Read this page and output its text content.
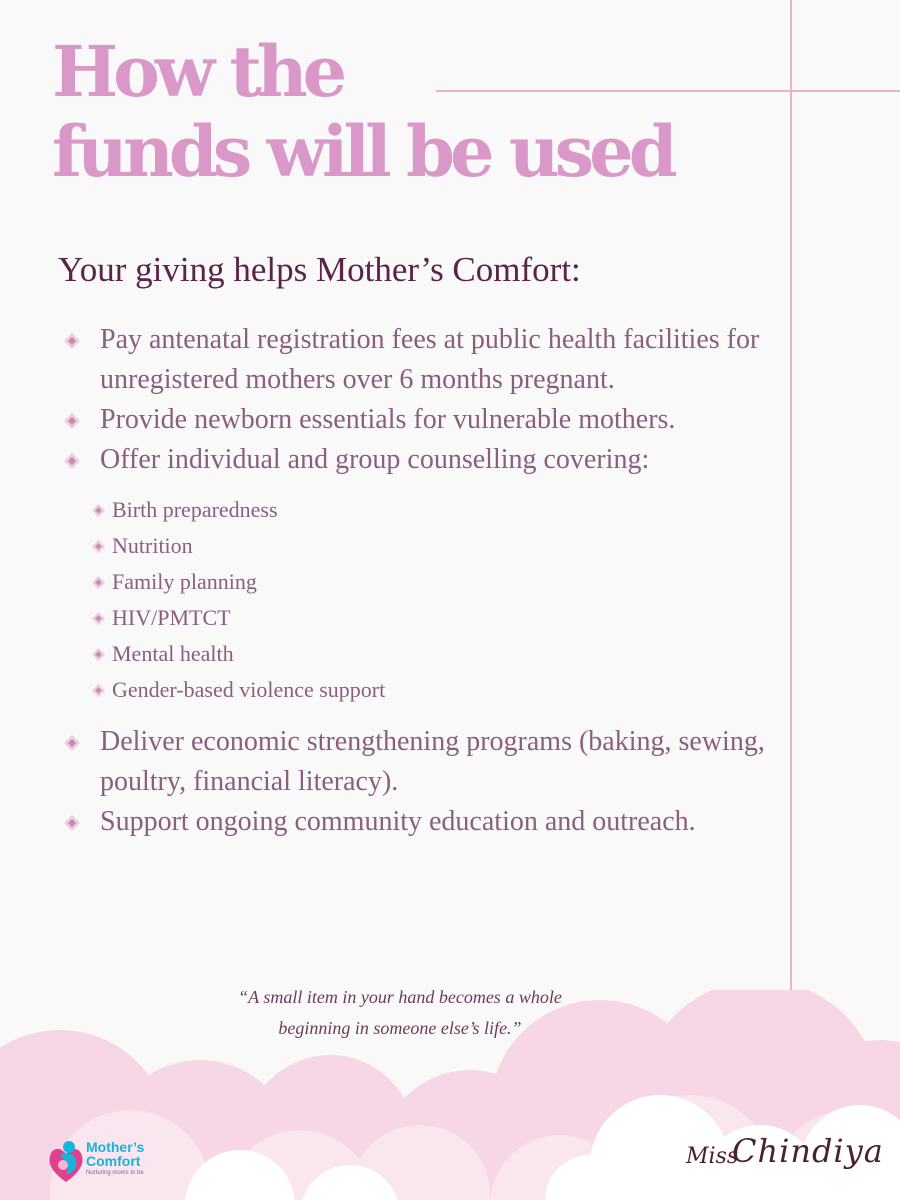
How the
funds will be used

Your giving helps Mother’s Comfort:

Pay antenatal registration fees at public health facilities for unregistered mothers over 6 months pregnant.
Provide newborn essentials for vulnerable mothers.
Offer individual and group counselling covering:
Birth preparedness
Nutrition
Family planning
HIV/PMTCT
Mental health
Gender-based violence support
Deliver economic strengthening programs (baking, sewing, poultry, financial literacy).
Support ongoing community education and outreach.

“A small item in your hand becomes a whole
beginning in someone else’s life.”

Mother’s
Comfort
Nurturing moms to be
Miss
Chindiya
